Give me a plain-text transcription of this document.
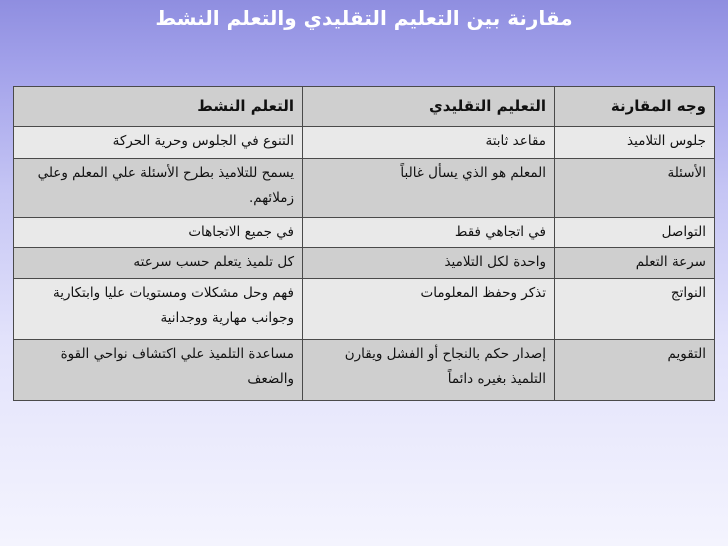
مقارنة بين التعليم التقليدي والتعلم النشط
وجه المقارنة	التعليم التقليدي	التعلم النشط
جلوس التلاميذ	مقاعد ثابتة	التنوع في الجلوس وحرية الحركة
الأسئلة	المعلم هو الذي يسأل غالباً	يسمح للتلاميذ بطرح الأسئلة علي المعلم وعلي زملائهم.
التواصل	في اتجاهي فقط	في جميع الاتجاهات
سرعة التعلم	واحدة لكل التلاميذ	كل تلميذ يتعلم حسب سرعته
النواتج	تذكر وحفظ المعلومات	فهم وحل مشكلات ومستويات عليا وابتكارية وجوانب مهارية ووجدانية
التقويم	إصدار حكم بالنجاح أو الفشل ويقارن التلميذ بغيره دائماً	مساعدة التلميذ علي اكتشاف نواحي القوة والضعف
